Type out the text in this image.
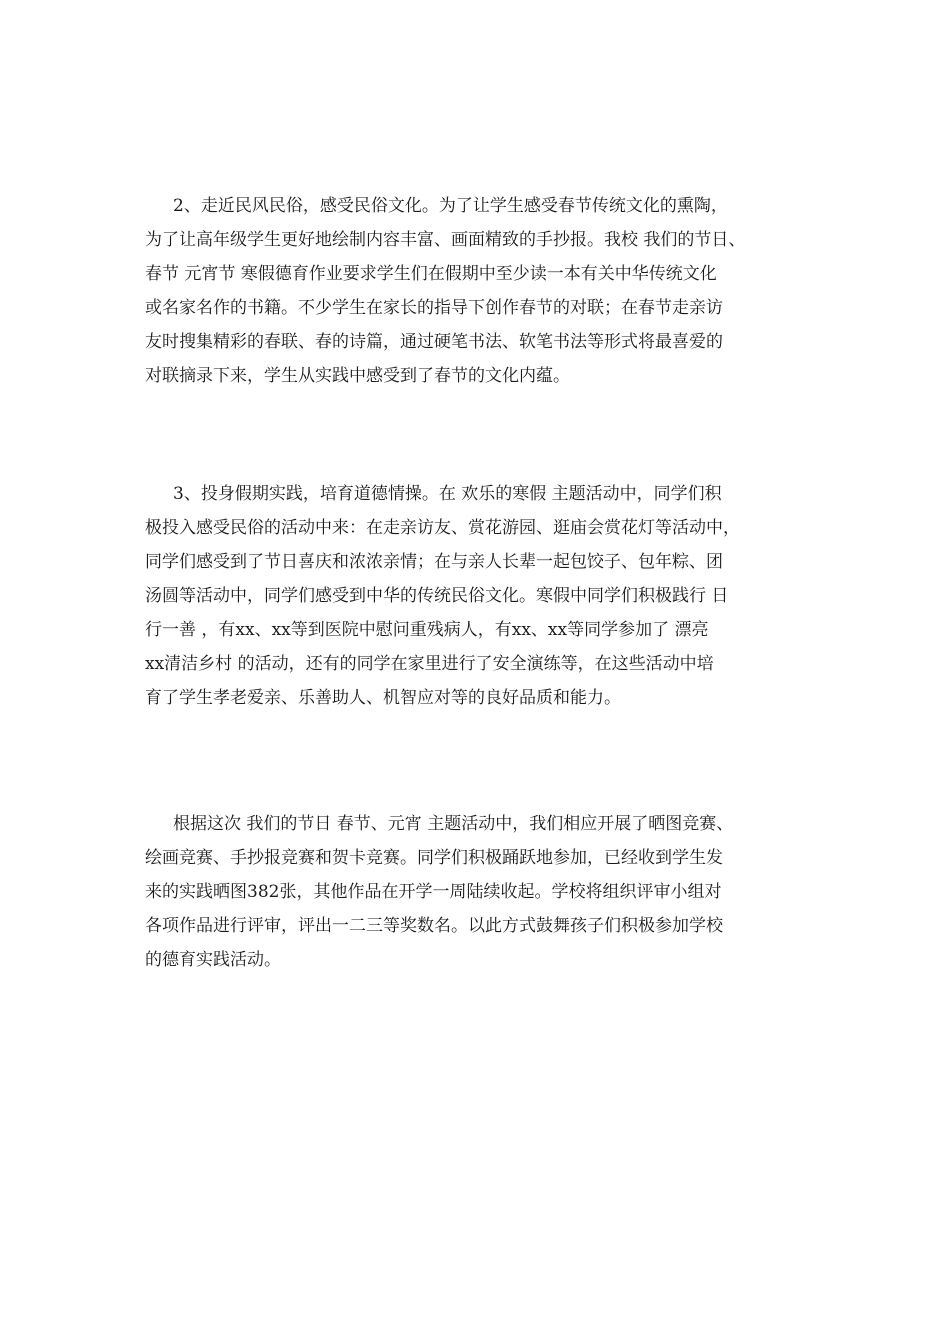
2、走近民风民俗，感受民俗文化。为了让学生感受春节传统文化的熏陶，
为了让高年级学生更好地绘制内容丰富、画面精致的手抄报。我校 我们的节日、
春节 元宵节 寒假德育作业要求学生们在假期中至少读一本有关中华传统文化
或名家名作的书籍。不少学生在家长的指导下创作春节的对联；在春节走亲访
友时搜集精彩的春联、春的诗篇，通过硬笔书法、软笔书法等形式将最喜爱的
对联摘录下来，学生从实践中感受到了春节的文化内蕴。
3、投身假期实践，培育道德情操。在 欢乐的寒假 主题活动中，同学们积
极投入感受民俗的活动中来：在走亲访友、赏花游园、逛庙会赏花灯等活动中，
同学们感受到了节日喜庆和浓浓亲情；在与亲人长辈一起包饺子、包年粽、团
汤圆等活动中，同学们感受到中华的传统民俗文化。寒假中同学们积极践行 日
行一善 ，有xx、xx等到医院中慰问重残病人，有xx、xx等同学参加了 漂亮
xx清洁乡村 的活动，还有的同学在家里进行了安全演练等，在这些活动中培
育了学生孝老爱亲、乐善助人、机智应对等的良好品质和能力。
根据这次 我们的节日 春节、元宵 主题活动中，我们相应开展了晒图竞赛、
绘画竞赛、手抄报竞赛和贺卡竞赛。同学们积极踊跃地参加，已经收到学生发
来的实践晒图382张，其他作品在开学一周陆续收起。学校将组织评审小组对
各项作品进行评审，评出一二三等奖数名。以此方式鼓舞孩子们积极参加学校
的德育实践活动。
